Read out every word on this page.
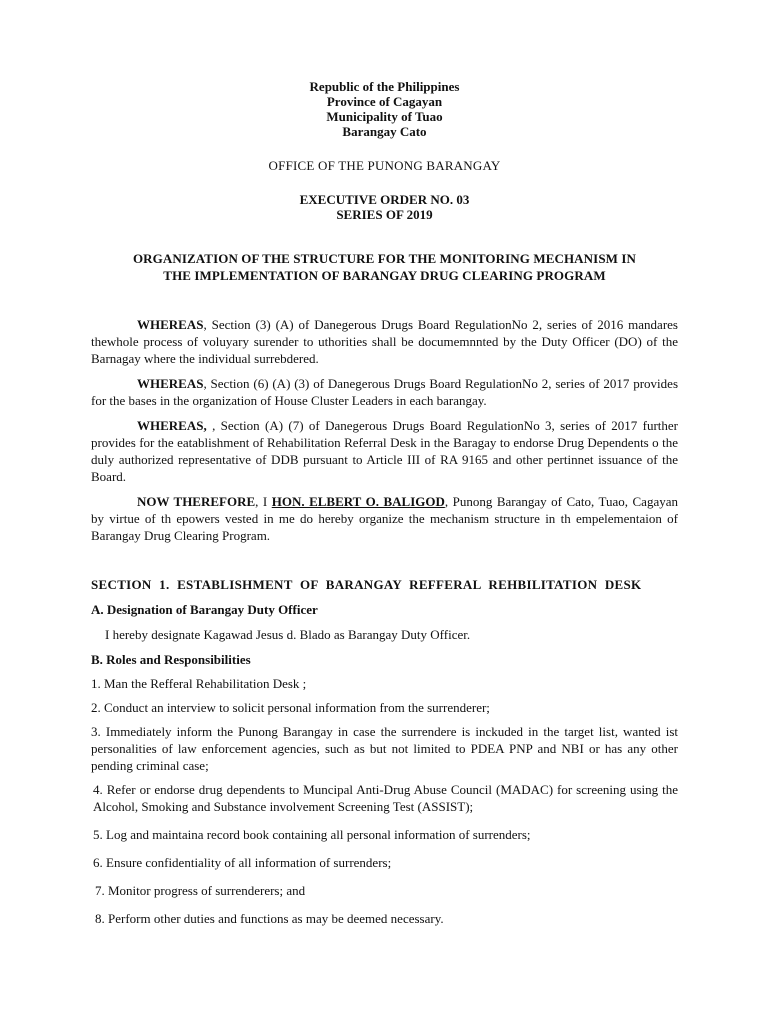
Republic of the Philippines
Province of Cagayan
Municipality of Tuao
Barangay Cato
OFFICE OF THE PUNONG BARANGAY
EXECUTIVE ORDER NO. 03
SERIES OF 2019
ORGANIZATION OF THE STRUCTURE FOR THE MONITORING MECHANISM IN
THE IMPLEMENTATION OF BARANGAY DRUG CLEARING PROGRAM
WHEREAS, Section (3) (A) of Danegerous Drugs Board RegulationNo 2, series of 2016 mandares thewhole process of voluyary surender to uthorities shall be documemnnted by the Duty Officer (DO) of the Barnagay where the individual surrebdered.
WHEREAS, Section (6) (A) (3) of Danegerous Drugs Board RegulationNo 2, series of 2017 provides for the bases in the organization of House Cluster Leaders in each barangay.
WHEREAS, , Section (A) (7) of Danegerous Drugs Board RegulationNo 3, series of 2017 further provides for the eatablishment of Rehabilitation Referral Desk in the Baragay to endorse Drug Dependents o the duly authorized representative of DDB pursuant to Article III of RA 9165 and other pertinnet issuance of the Board.
NOW THEREFORE, I HON. ELBERT O. BALIGOD, Punong Barangay of Cato, Tuao, Cagayan by virtue of th epowers vested in me do hereby organize the mechanism structure in th empelementaion of Barangay Drug Clearing Program.
SECTION 1. ESTABLISHMENT OF BARANGAY REFFERAL REHBILITATION DESK
A. Designation of Barangay Duty Officer
I hereby designate Kagawad Jesus d. Blado as Barangay Duty Officer.
B. Roles and Responsibilities
1. Man the Refferal Rehabilitation Desk ;
2. Conduct an interview to solicit personal information from the surrenderer;
3. Immediately inform the Punong Barangay in case the surrendere is inckuded in the target list, wanted ist personalities of law enforcement agencies, such as but not limited to PDEA PNP and NBI or has any other pending criminal case;
4. Refer or endorse drug dependents to Muncipal Anti-Drug Abuse Council (MADAC) for screening using the Alcohol, Smoking and Substance involvement Screening Test (ASSIST);
5. Log and maintaina record book containing all personal information of surrenders;
6. Ensure confidentiality of all information of surrenders;
7. Monitor progress of surrenderers; and
8. Perform other duties and functions as may be deemed necessary.
